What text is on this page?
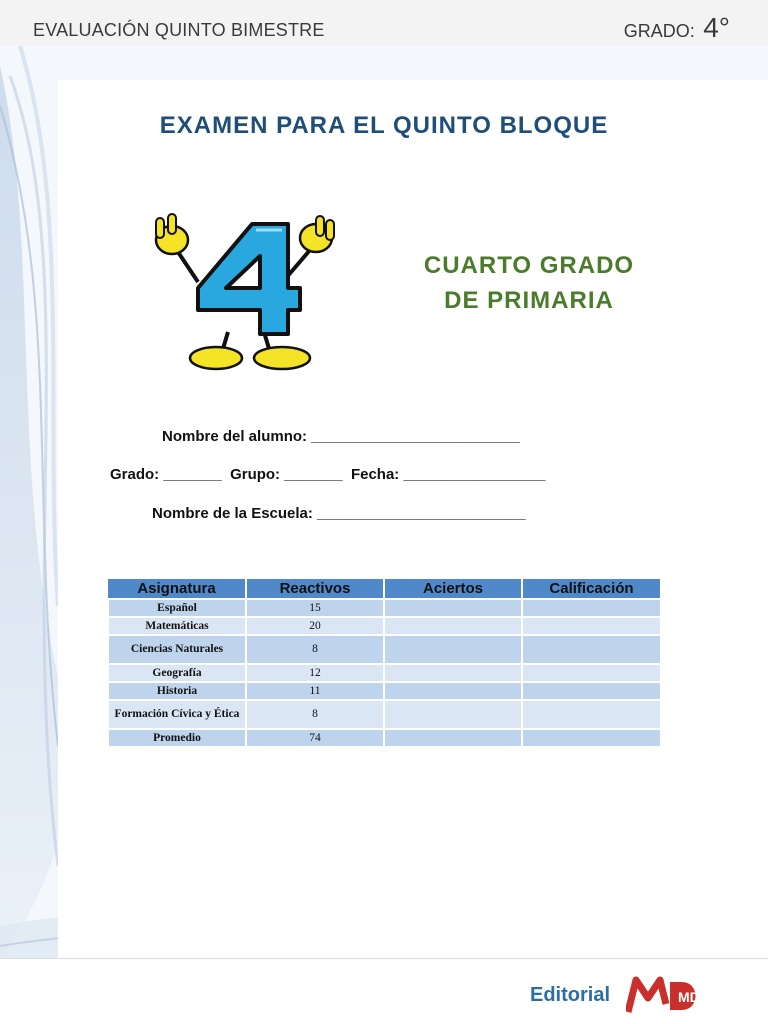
EVALUACIÓN QUINTO BIMESTRE	GRADO: 4°
EXAMEN PARA EL QUINTO BLOQUE
CUARTO GRADO
DE PRIMARIA
Nombre del alumno: _________________________
Grado: _______  Grupo: _______  Fecha: _________________
Nombre de la Escuela: _________________________
Asignatura	Reactivos	Aciertos	Calificación
Español	15		
Matemáticas	20		
Ciencias Naturales	8		
Geografía	12		
Historia	11		
Formación Cívica y Ética	8		
Promedio	74		
Editorial	MD
